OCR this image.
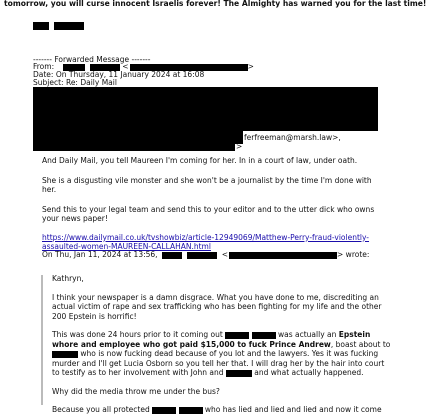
tomorrow, you will curse innocent Israelis forever! The Almighty has warned you for the last time!
------- Forwarded Message -------
From:	<	>
Date: On Thursday, 11 January 2024 at 16:08
Subject: Re: Daily Mail
ferfreeman@marsh.law>,
>

And Daily Mail, you tell Maureen I'm coming for her. In in a court of law, under oath.

She is a disgusting vile monster and she won't be a journalist by the time I'm done with her.

Send this to your legal team and send this to your editor and to the utter dick who owns your news paper!

https://www.dailymail.co.uk/tvshowbiz/article-12949069/Matthew-Perry-fraud-violently-assaulted-women-MAUREEN-CALLAHAN.html

On Thu, Jan 11, 2024 at 13:56,	<	> wrote:

Kathryn,

I think your newspaper is a damn disgrace. What you have done to me, discrediting an actual victim of rape and sex trafficking who has been fighting for my life and the other 200 Epstein is horrific!

This was done 24 hours prior to it coming out	was actually an Epstein whore and employee who got paid $15,000 to fuck Prince Andrew, boast about to  who is now fucking dead because of you lot and the lawyers. Yes it was fucking murder and I'll get Lucia Osborn so you tell her that. I will drag her by the hair into court to testify as to her involvement with John and	and what actually happened.

Why did the media throw me under the bus?

Because you all protected	who has lied and lied and lied and now it come
